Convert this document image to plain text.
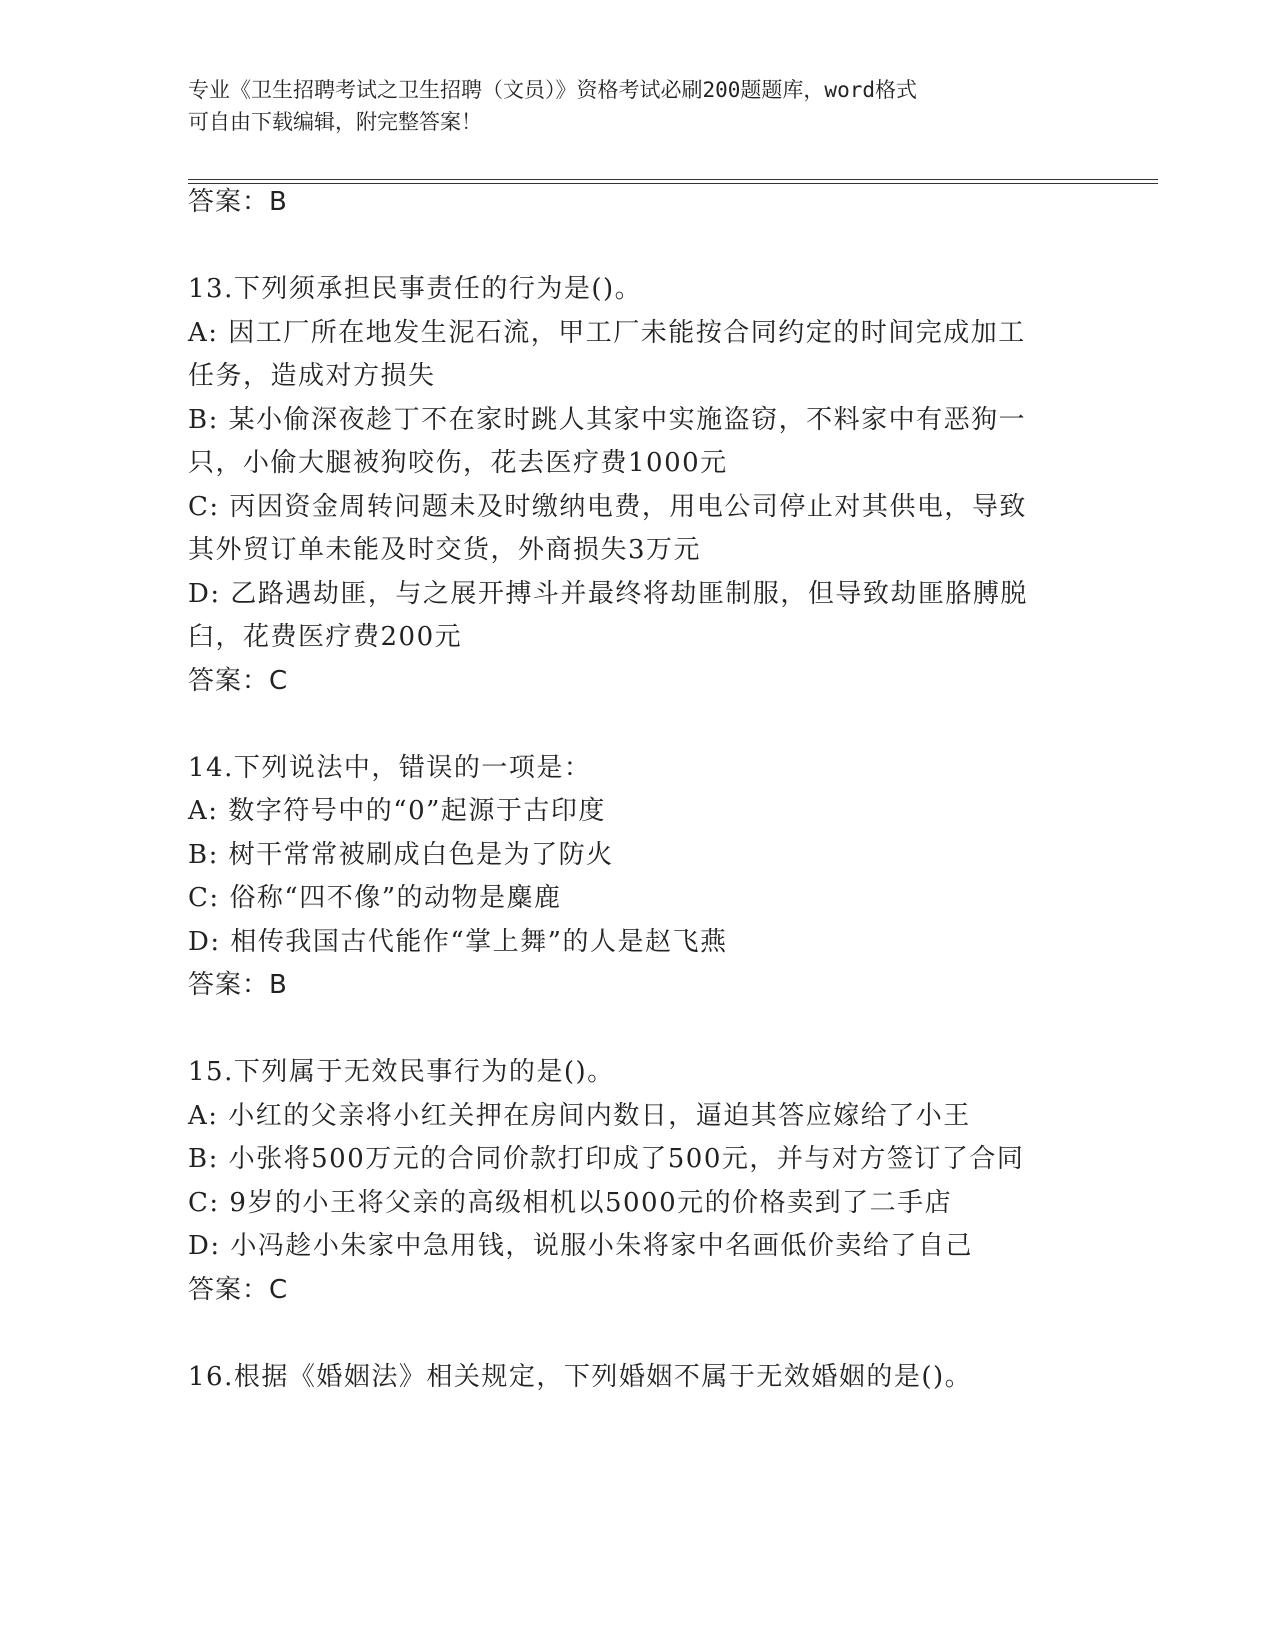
专业《卫生招聘考试之卫生招聘（文员）》资格考试必刷200题题库，word格式
可自由下载编辑，附完整答案！
答案：B
13.下列须承担民事责任的行为是()。
A: 因工厂所在地发生泥石流，甲工厂未能按合同约定的时间完成加工
任务，造成对方损失
B: 某小偷深夜趁丁不在家时跳人其家中实施盗窃，不料家中有恶狗一
只，小偷大腿被狗咬伤，花去医疗费1000元
C: 丙因资金周转问题未及时缴纳电费，用电公司停止对其供电，导致
其外贸订单未能及时交货，外商损失3万元
D: 乙路遇劫匪，与之展开搏斗并最终将劫匪制服，但导致劫匪胳膊脱
臼，花费医疗费200元
答案：C
14.下列说法中，错误的一项是：
A: 数字符号中的“0”起源于古印度
B: 树干常常被刷成白色是为了防火
C: 俗称“四不像”的动物是麋鹿
D: 相传我国古代能作“掌上舞”的人是赵飞燕
答案：B
15.下列属于无效民事行为的是()。
A: 小红的父亲将小红关押在房间内数日，逼迫其答应嫁给了小王
B: 小张将500万元的合同价款打印成了500元，并与对方签订了合同
C: 9岁的小王将父亲的高级相机以5000元的价格卖到了二手店
D: 小冯趁小朱家中急用钱，说服小朱将家中名画低价卖给了自己
答案：C
16.根据《婚姻法》相关规定，下列婚姻不属于无效婚姻的是()。
